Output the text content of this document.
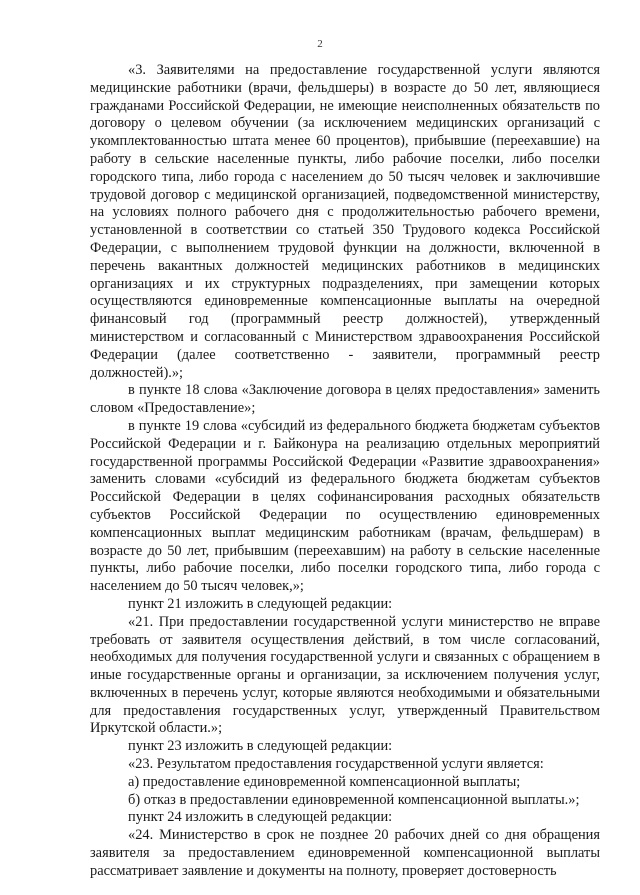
2

«3. Заявителями на предоставление государственной услуги являются медицинские работники (врачи, фельдшеры) в возрасте до 50 лет, являющиеся гражданами Российской Федерации, не имеющие неисполненных обязательств по договору о целевом обучении (за исключением медицинских организаций с укомплектованностью штата менее 60 процентов), прибывшие (переехавшие) на работу в сельские населенные пункты, либо рабочие поселки, либо поселки городского типа, либо города с населением до 50 тысяч человек и заключившие трудовой договор с медицинской организацией, подведомственной министерству, на условиях полного рабочего дня с продолжительностью рабочего времени, установленной в соответствии со статьей 350 Трудового кодекса Российской Федерации, с выполнением трудовой функции на должности, включенной в перечень вакантных должностей медицинских работников в медицинских организациях и их структурных подразделениях, при замещении которых осуществляются единовременные компенсационные выплаты на очередной финансовый год (программный реестр должностей), утвержденный министерством и согласованный с Министерством здравоохранения Российской Федерации (далее соответственно - заявители, программный реестр должностей).»;

в пункте 18 слова «Заключение договора в целях предоставления» заменить словом «Предоставление»;

в пункте 19 слова «субсидий из федерального бюджета бюджетам субъектов Российской Федерации и г. Байконура на реализацию отдельных мероприятий государственной программы Российской Федерации «Развитие здравоохранения» заменить словами «субсидий из федерального бюджета бюджетам субъектов Российской Федерации в целях софинансирования расходных обязательств субъектов Российской Федерации по осуществлению единовременных компенсационных выплат медицинским работникам (врачам, фельдшерам) в возрасте до 50 лет, прибывшим (переехавшим) на работу в сельские населенные пункты, либо рабочие поселки, либо поселки городского типа, либо города с населением до 50 тысяч человек,»;

пункт 21 изложить в следующей редакции:

«21. При предоставлении государственной услуги министерство не вправе требовать от заявителя осуществления действий, в том числе согласований, необходимых для получения государственной услуги и связанных с обращением в иные государственные органы и организации, за исключением получения услуг, включенных в перечень услуг, которые являются необходимыми и обязательными для предоставления государственных услуг, утвержденный Правительством Иркутской области.»;

пункт 23 изложить в следующей редакции:

«23. Результатом предоставления государственной услуги является:

а) предоставление единовременной компенсационной выплаты;

б) отказ в предоставлении единовременной компенсационной выплаты.»;

пункт 24 изложить в следующей редакции:

«24. Министерство в срок не позднее 20 рабочих дней со дня обращения заявителя за предоставлением единовременной компенсационной выплаты рассматривает заявление и документы на полноту, проверяет достоверность
